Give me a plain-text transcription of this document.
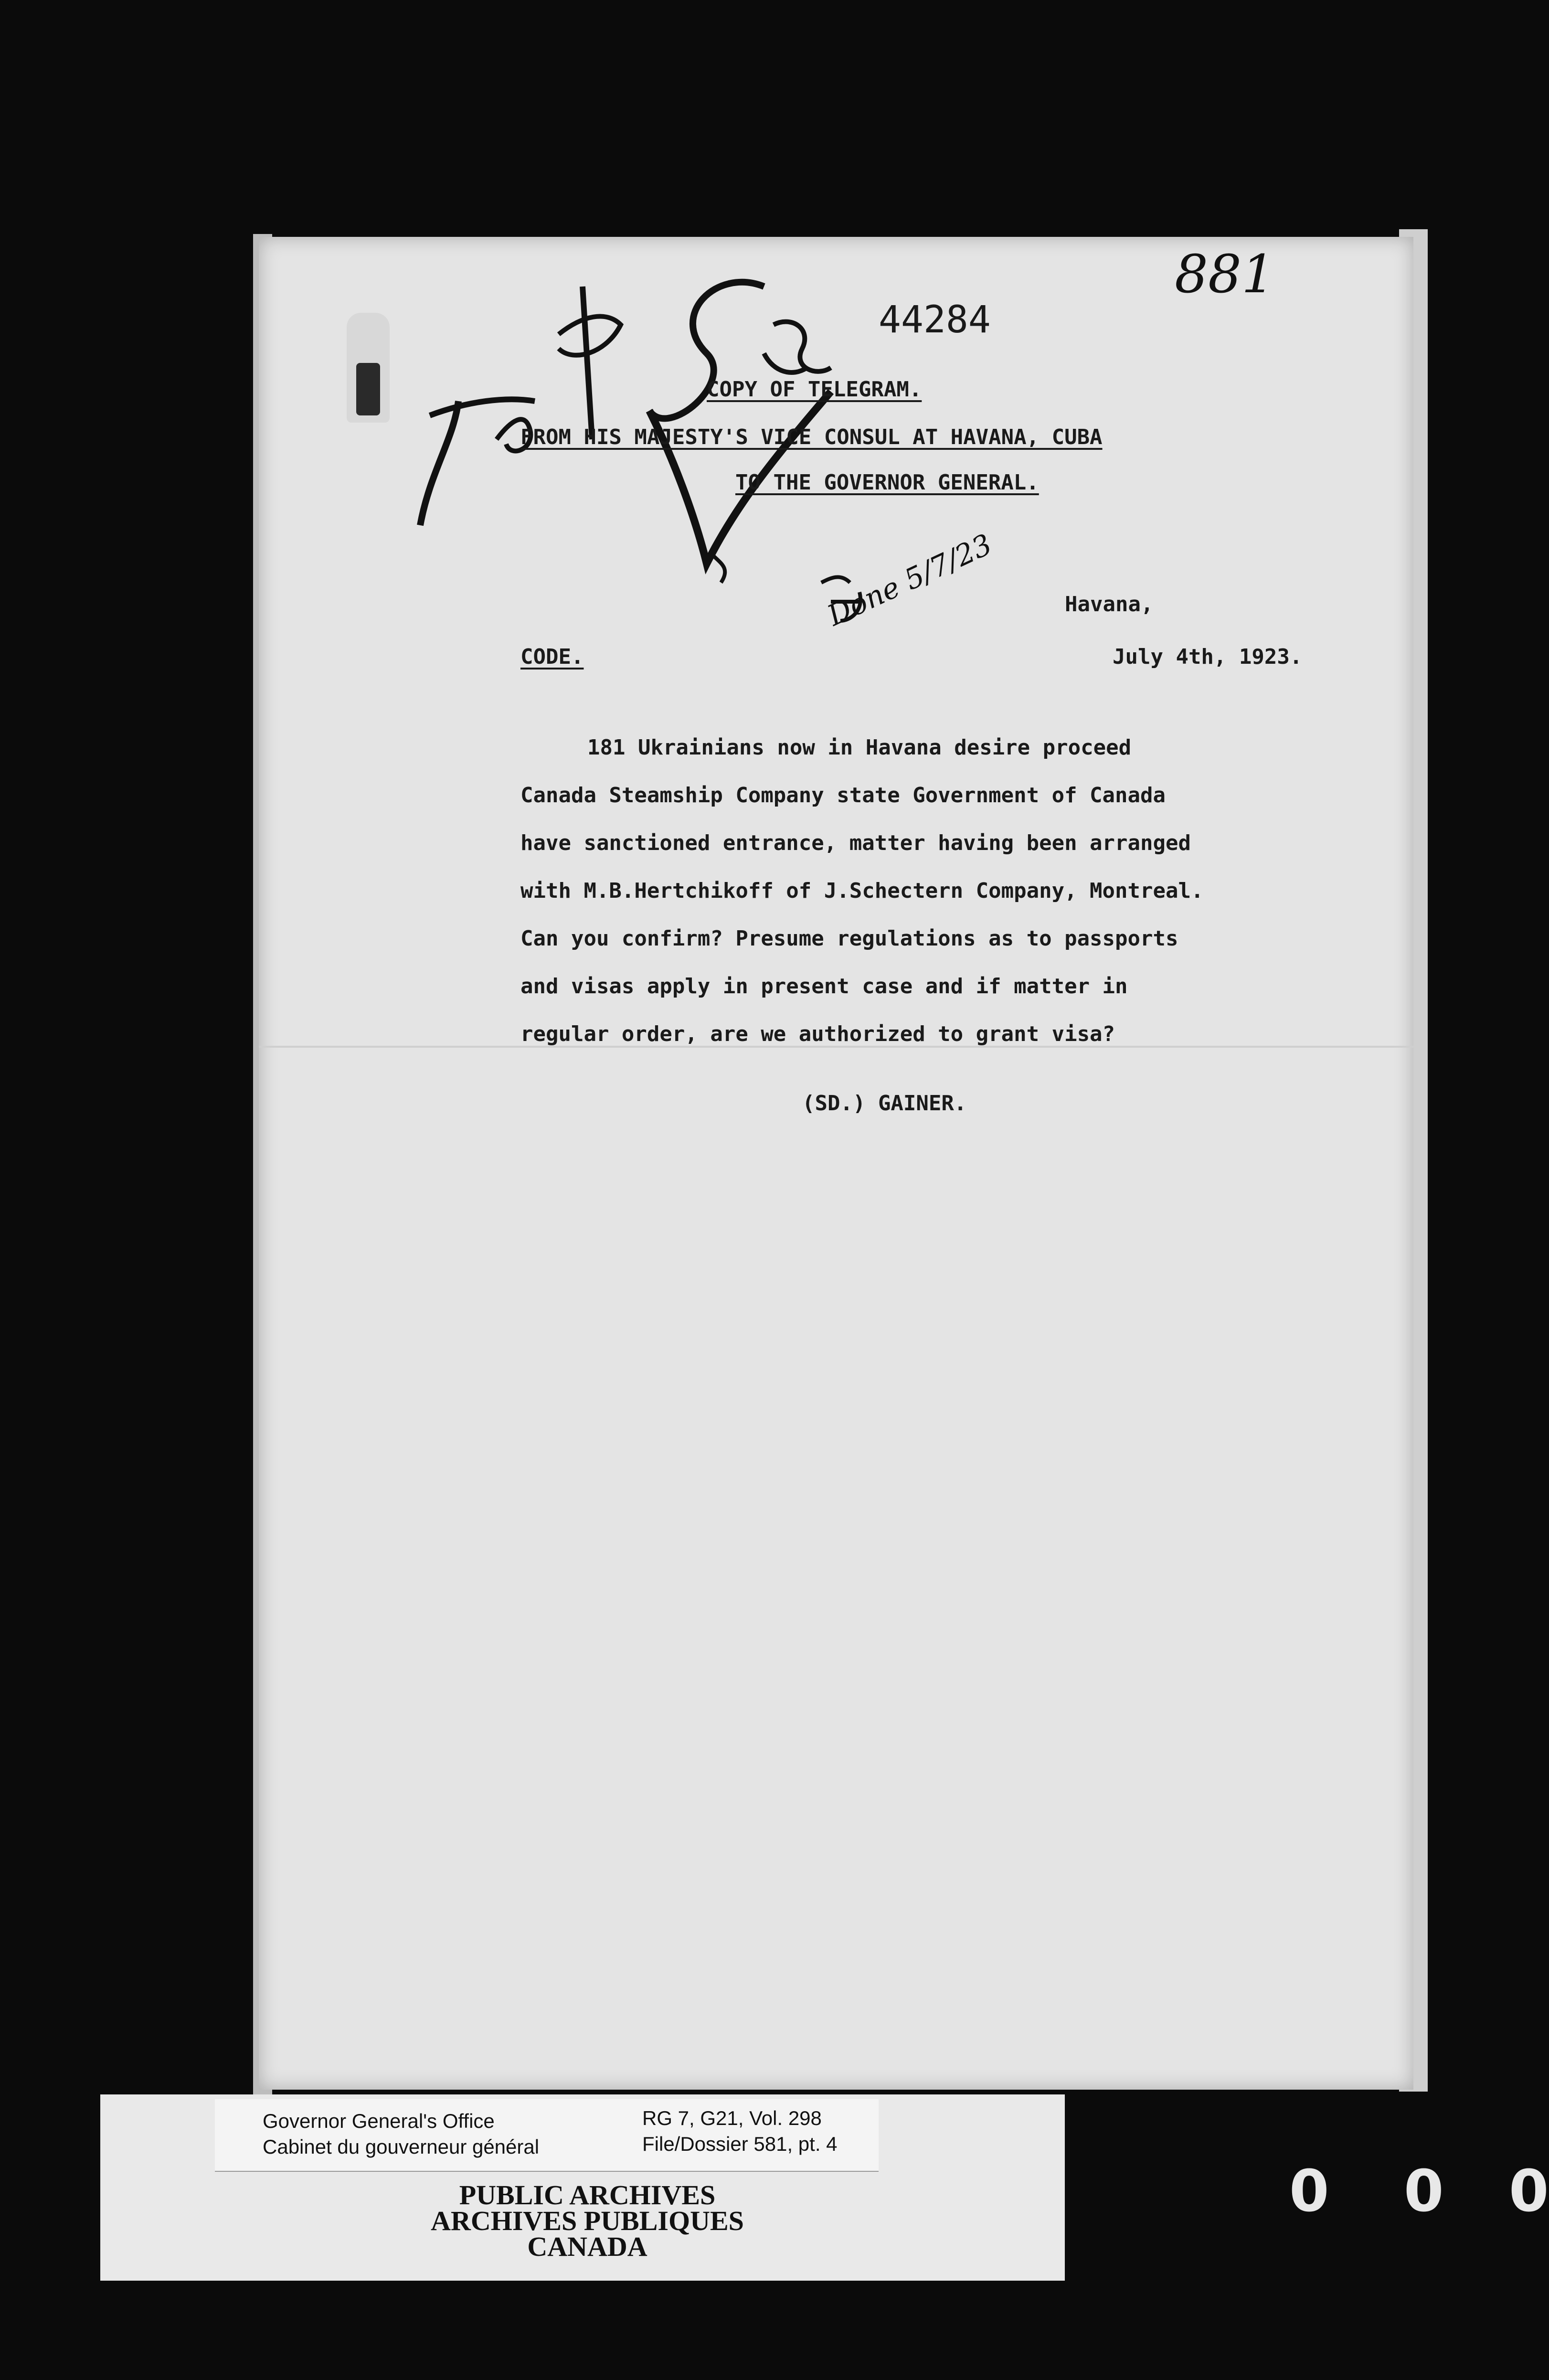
881
44284
Done 5/7/23
COPY OF TELEGRAM.
FROM HIS MAJESTY'S VICE CONSUL AT HAVANA, CUBA
TO THE GOVERNOR GENERAL.
Havana,
CODE.	July 4th, 1923.
181 Ukrainians now in Havana desire proceed
Canada Steamship Company state Government of Canada
have sanctioned entrance, matter having been arranged
with M.B.Hertchikoff of J.Schectern Company, Montreal.
Can you confirm? Presume regulations as to passports
and visas apply in present case and if matter in
regular order, are we authorized to grant visa?
(SD.) GAINER.
Governor General's Office
Cabinet du gouverneur général
RG 7, G21, Vol. 298
File/Dossier 581, pt. 4
PUBLIC ARCHIVES
ARCHIVES PUBLIQUES
CANADA
0 0 0
